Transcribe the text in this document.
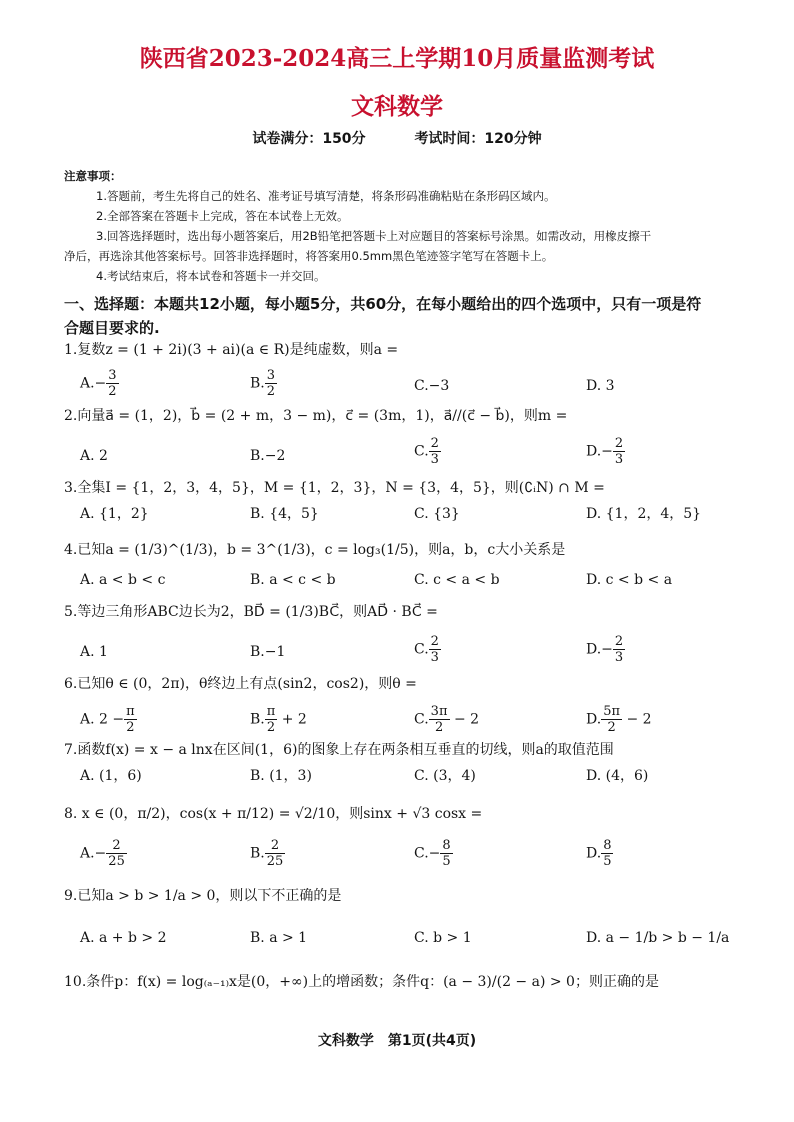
陕西省2023-2024高三上学期10月质量监测考试
文科数学
试卷满分：150分	考试时间：120分钟
注意事项：
1.答题前，考生先将自己的姓名、准考证号填写清楚，将条形码准确粘贴在条形码区域内。
2.全部答案在答题卡上完成，答在本试卷上无效。
3.回答选择题时，选出每小题答案后，用2B铅笔把答题卡上对应题目的答案标号涂黑。如需改动，用橡皮擦干
净后，再选涂其他答案标号。回答非选择题时，将答案用0.5mm黑色笔迹签字笔写在答题卡上。
4.考试结束后，将本试卷和答题卡一并交回。
一、选择题：本题共12小题，每小题5分，共60分，在每小题给出的四个选项中，只有一项是符
合题目要求的.
1.复数z = (1 + 2i)(3 + ai)(a ∈ R)是纯虚数，则a =
$A.- \frac{3}{2}$	B. $\frac{3}{2}$	C.−3	D. 3
2.向量a⃗ = (1，2)，b⃗ = (2 + m，3 − m)，c⃗ = (3m，1)，a⃗//(c⃗ − b⃗)，则m =
A. 2	B.−2	C. $\frac{2}{3}$	$D.- \frac{2}{3}$
3.全集I = {1，2，3，4，5}，M = {1，2，3}，N = {3，4，5}，则(∁ᵢN) ∩ M =
A. {1，2}	B. {4，5}	C. {3}	D. {1，2，4，5}
4.已知a = (1/3)^(1/3)，b = 3^(1/3)，c = log₃(1/5)，则a，b，c大小关系是
A. a < b < c	B. a < c < b	C. c < a < b	D. c < b < a
5.等边三角形ABC边长为2，BD⃗ = (1/3)BC⃗，则AD⃗ · BC⃗ =
A. 1	B.−1	C. $\frac{2}{3}$	$D.- \frac{2}{3}$
6.已知θ ∈ (0，2π)，θ终边上有点(sin2，cos2)，则θ =
A. $2 - \frac{\pi}{2}$	B. $\frac{\pi}{2} + 2$	C. $\frac{3\pi}{2} - 2$	D. $\frac{5\pi}{2} - 2$
7.函数f(x) = x − a lnx在区间(1，6)的图象上存在两条相互垂直的切线，则a的取值范围
A. (1，6)	B. (1，3)	C. (3，4)	D. (4，6)
8. x ∈ (0，π/2)，cos(x + π/12) = √2/10，则sinx + √3 cosx =
$A.- \frac{2}{25}$	B. $\frac{2}{25}$	$C.- \frac{8}{5}$	D. $\frac{8}{5}$
9.已知a > b > 1/a > 0，则以下不正确的是
A. a + b > 2	B. a > 1	C. b > 1	D. a − 1/b > b − 1/a
10.条件p：f(x) = log₍ₐ₋₁₎x是(0，+∞)上的增函数；条件q：(a − 3)/(2 − a) > 0；则正确的是
文科数学　第1页(共4页)
